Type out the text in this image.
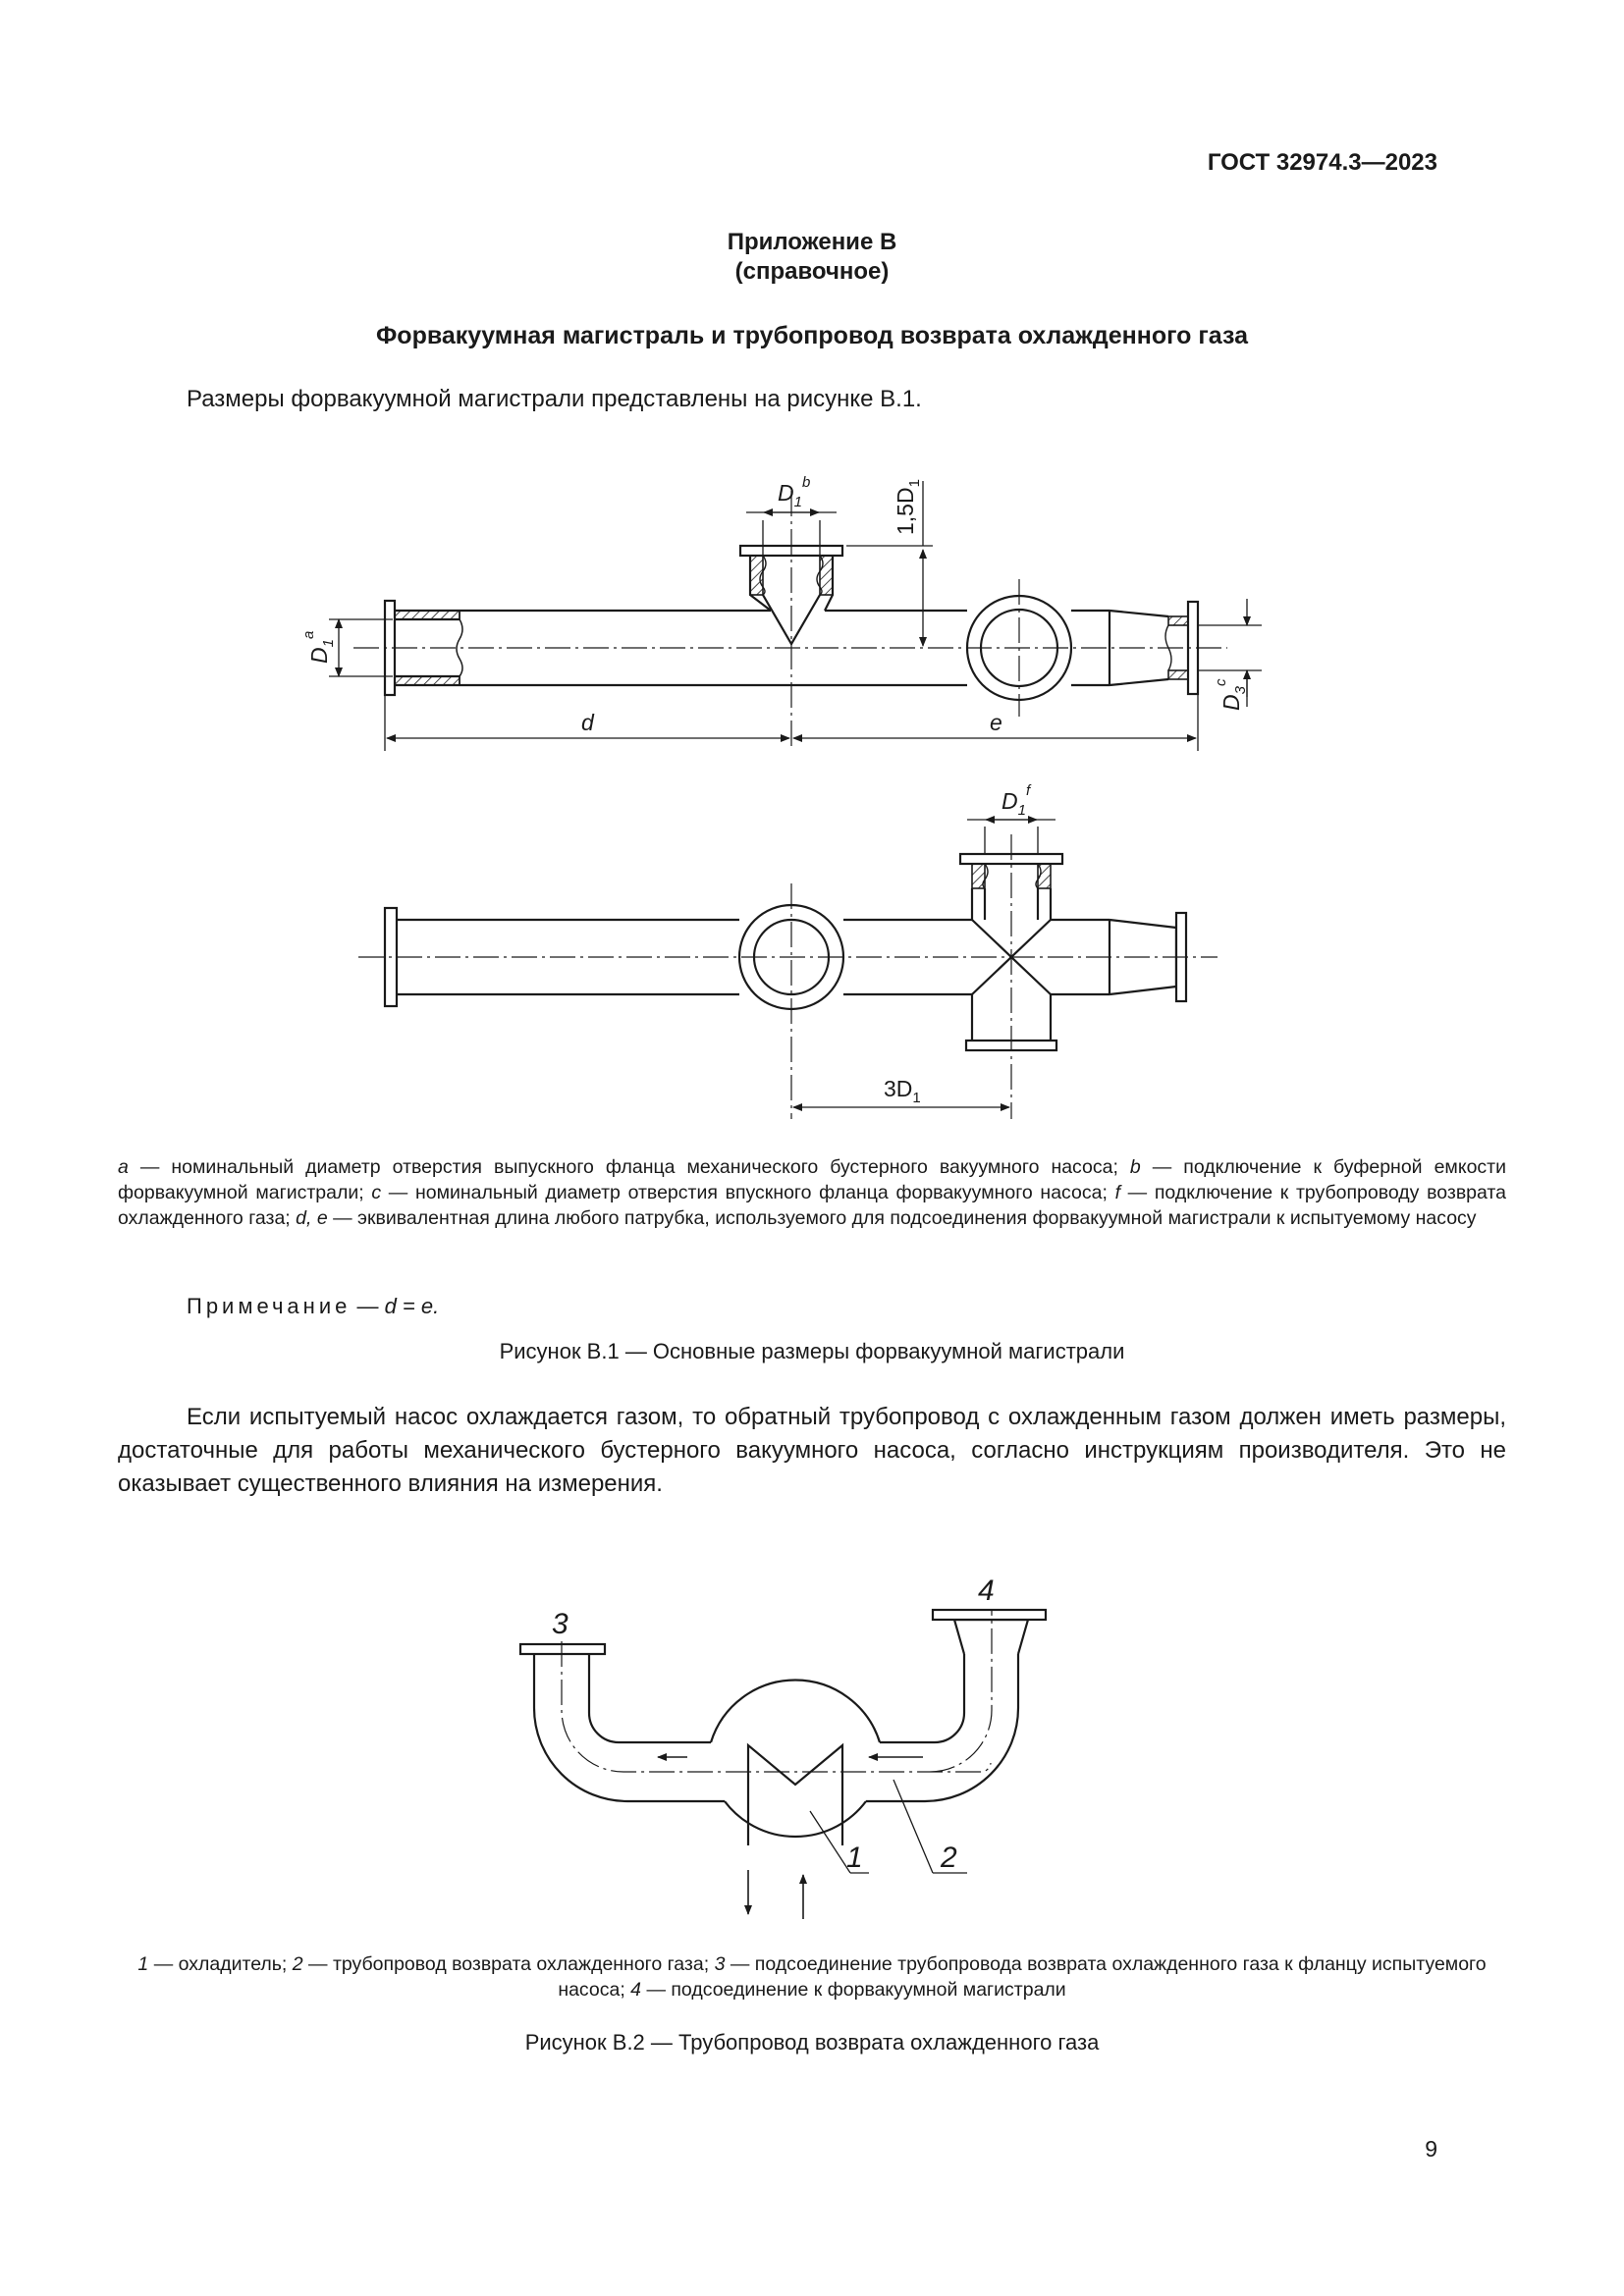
ГОСТ 32974.3—2023
Приложение В
(справочное)
Форвакуумная магистраль и трубопровод возврата охлажденного газа
Размеры форвакуумной магистрали представлены на рисунке В.1.
$D_1^b$
$1,5D_1$
$D_1^a$
$D_3^c$
d	e
$D_1^f$
$3D_1$
1	2
3
4
a — номинальный диаметр отверстия выпускного фланца механического бустерного вакуумного насоса; b — подключение к буферной емкости форвакуумной магистрали; c — номинальный диаметр отверстия впускного фланца форвакуумного насоса; f — подключение к трубопроводу возврата охлажденного газа; d, e — эквивалентная длина любого патрубка, используемого для подсоединения форвакуумной магистрали к испытуемому насосу
Примечание — d = e.
Рисунок В.1 — Основные размеры форвакуумной магистрали
Если испытуемый насос охлаждается газом, то обратный трубопровод с охлажденным газом должен иметь размеры, достаточные для работы механического бустерного вакуумного насоса, согласно инструкциям производителя. Это не оказывает существенного влияния на измерения.
1 — охладитель; 2 — трубопровод возврата охлажденного газа; 3 — подсоединение трубопровода возврата охлажденного газа к фланцу испытуемого насоса; 4 — подсоединение к форвакуумной магистрали
Рисунок В.2 — Трубопровод возврата охлажденного газа
9
